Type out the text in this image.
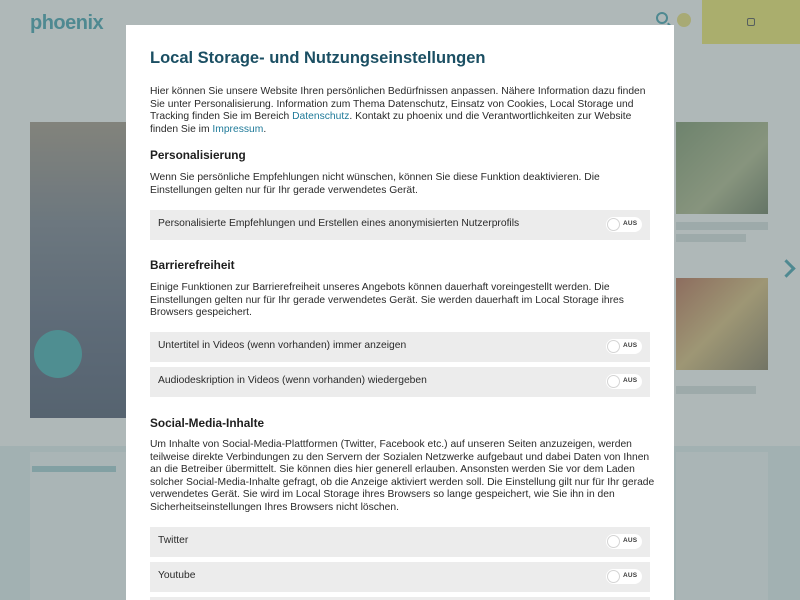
Local Storage- und Nutzungseinstellungen
Hier können Sie unsere Website Ihren persönlichen Bedürfnissen anpassen. Nähere Information dazu finden Sie unter Personalisierung. Information zum Thema Datenschutz, Einsatz von Cookies, Local Storage und Tracking finden Sie im Bereich Datenschutz. Kontakt zu phoenix und die Verantwortlichkeiten zur Website finden Sie im Impressum.
Personalisierung
Wenn Sie persönliche Empfehlungen nicht wünschen, können Sie diese Funktion deaktivieren. Die Einstellungen gelten nur für Ihr gerade verwendetes Gerät.
Personalisierte Empfehlungen und Erstellen eines anonymisierten Nutzerprofils	AUS
Barrierefreiheit
Einige Funktionen zur Barrierefreiheit unseres Angebots können dauerhaft voreingestellt werden. Die Einstellungen gelten nur für Ihr gerade verwendetes Gerät. Sie werden dauerhaft im Local Storage ihres Browsers gespeichert.
Untertitel in Videos (wenn vorhanden) immer anzeigen	AUS
Audiodeskription in Videos (wenn vorhanden) wiedergeben	AUS
Social-Media-Inhalte
Um Inhalte von Social-Media-Plattformen (Twitter, Facebook etc.) auf unseren Seiten anzuzeigen, werden teilweise direkte Verbindungen zu den Servern der Sozialen Netzwerke aufgebaut und dabei Daten von Ihnen an die Betreiber übermittelt. Sie können dies hier generell erlauben. Ansonsten werden Sie vor dem Laden solcher Social-Media-Inhalte gefragt, ob die Anzeige aktiviert werden soll. Die Einstellung gilt nur für Ihr gerade verwendetes Gerät. Sie wird im Local Storage ihres Browsers so lange gespeichert, wie Sie ihn in den Sicherheitseinstellungen Ihres Browsers nicht löschen.
Twitter	AUS
Youtube	AUS
